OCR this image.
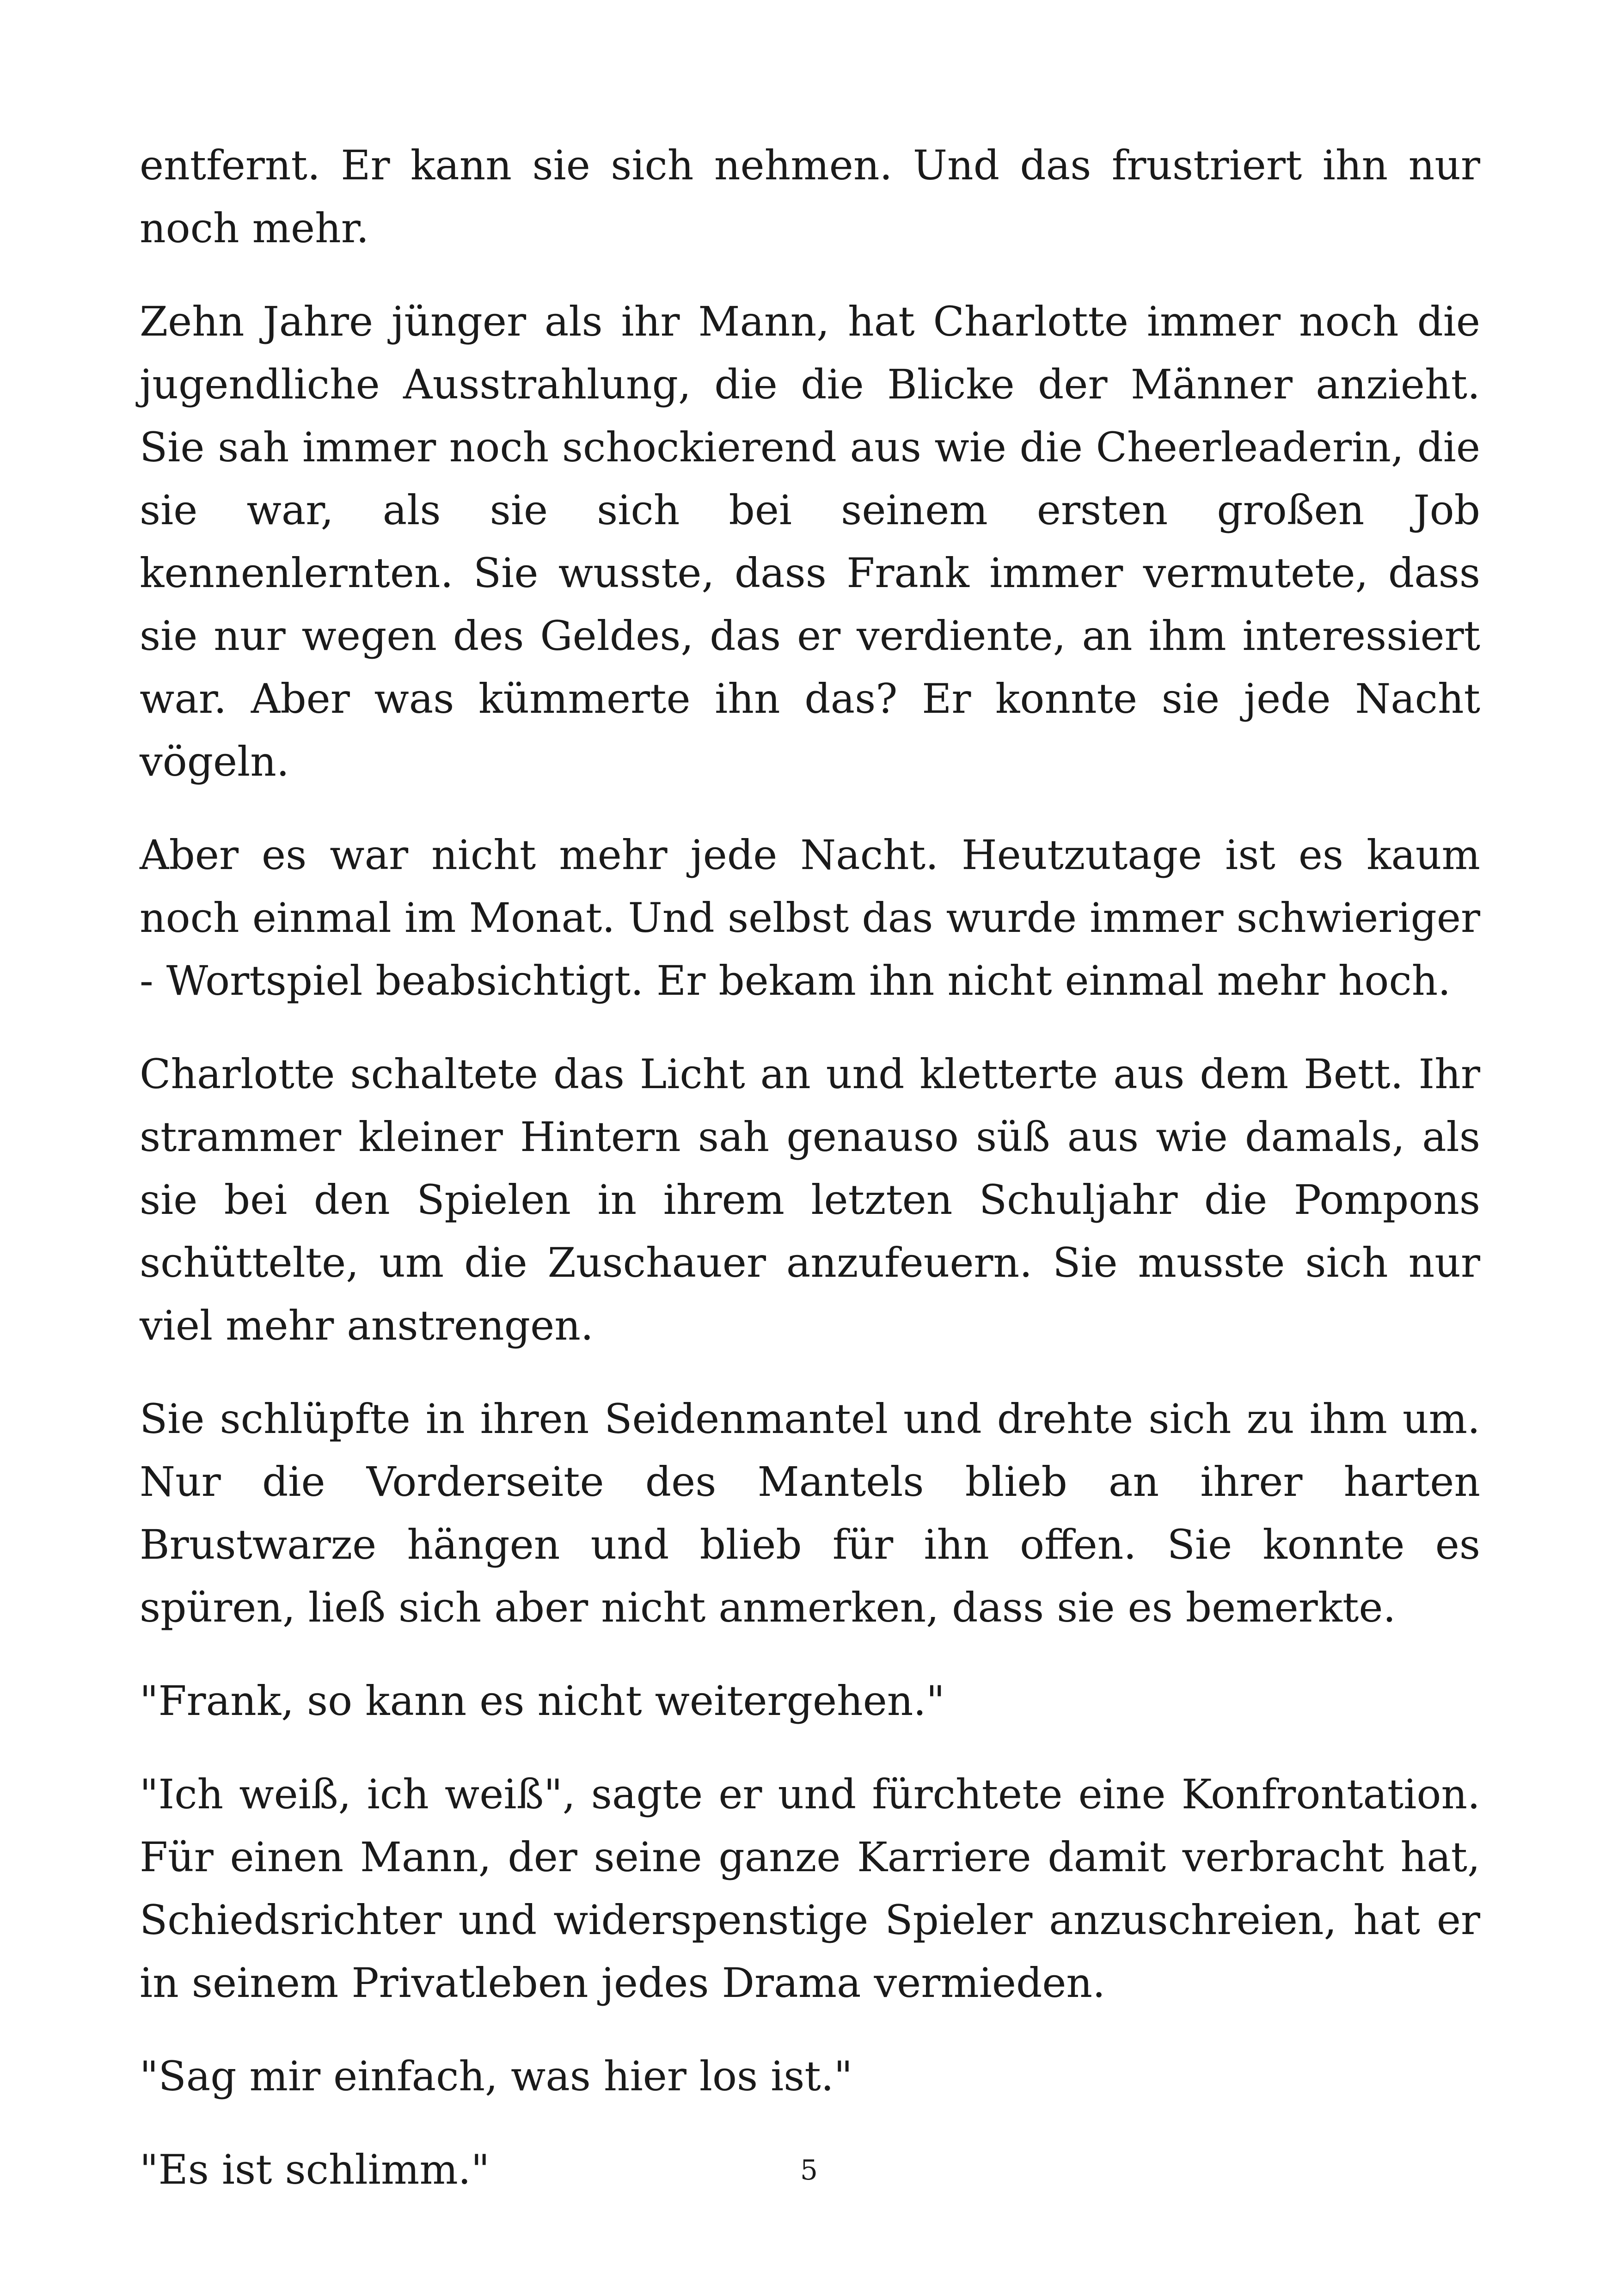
entfernt. Er kann sie sich nehmen. Und das frustriert ihn nur noch mehr.

Zehn Jahre jünger als ihr Mann, hat Charlotte immer noch die jugendliche Ausstrahlung, die die Blicke der Männer anzieht. Sie sah immer noch schockierend aus wie die Cheerleaderin, die sie war, als sie sich bei seinem ersten großen Job kennenlernten. Sie wusste, dass Frank immer vermutete, dass sie nur wegen des Geldes, das er verdiente, an ihm interessiert war. Aber was kümmerte ihn das? Er konnte sie jede Nacht vögeln.

Aber es war nicht mehr jede Nacht. Heutzutage ist es kaum noch einmal im Monat. Und selbst das wurde immer schwieriger - Wortspiel beabsichtigt. Er bekam ihn nicht einmal mehr hoch.

Charlotte schaltete das Licht an und kletterte aus dem Bett. Ihr strammer kleiner Hintern sah genauso süß aus wie damals, als sie bei den Spielen in ihrem letzten Schuljahr die Pompons schüttelte, um die Zuschauer anzufeuern. Sie musste sich nur viel mehr anstrengen.

Sie schlüpfte in ihren Seidenmantel und drehte sich zu ihm um. Nur die Vorderseite des Mantels blieb an ihrer harten Brustwarze hängen und blieb für ihn offen. Sie konnte es spüren, ließ sich aber nicht anmerken, dass sie es bemerkte.

"Frank, so kann es nicht weitergehen."

"Ich weiß, ich weiß", sagte er und fürchtete eine Konfrontation. Für einen Mann, der seine ganze Karriere damit verbracht hat, Schiedsrichter und widerspenstige Spieler anzuschreien, hat er in seinem Privatleben jedes Drama vermieden.

"Sag mir einfach, was hier los ist."

"Es ist schlimm."	5
